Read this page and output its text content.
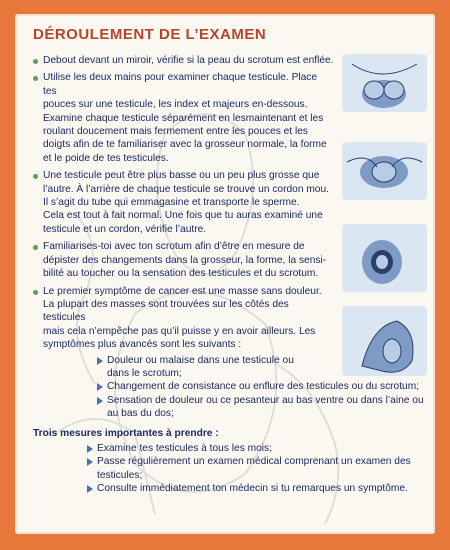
DÉROULEMENT DE L’EXAMEN
Debout devant un miroir, vérifie si la peau du scrotum est enflée.
Utilise les deux mains pour examiner chaque testicule. Place tes
pouces sur une testicule, les index et majeurs en-dessous.
Examine chaque testicule séparément en lesmaintenant et les
roulant doucement mais fermement entre les pouces et les
doigts afin de te familiariser avec la grosseur normale, la forme
et le poide de tes testicules.
Une testicule peut être plus basse ou un peu plus grosse que
l’autre. À l’arrière de chaque testicule se trouve un cordon mou.
Il s’agit du tube qui emmagasine et transporte le sperme.
Cela est tout à fait normal. Une fois que tu auras examiné une
testicule et un cordon, vérifie l’autre.
Familiarises-toi avec ton scrotum afin d’être en mesure de
dépister des changements dans la grosseur, la forme, la sensi-
bilité au toucher ou la sensation des testicules et du scrotum.
Le premier symptôme de cancer est une masse sans douleur.
La plupart des masses sont trouvées sur les côtés des testicules
mais cela n’empêche pas qu’il puisse y en avoir ailleurs. Les
symptômes plus avancés sont les suivants :
Douleur ou malaise dans une testicule ou dans le scrotum;
Changement de consistance ou enflure des testicules ou du scrotum;
Sensation de douleur ou ce pesanteur au bas ventre ou dans l’aine ou au bas du dos;
Trois mesures importantes à prendre :
Examine tes testicules à tous les mois;
Passe régulièrement un examen médical comprenant un examen des testicules;
Consulte immédiatement ton médecin si tu remarques un symptôme.
